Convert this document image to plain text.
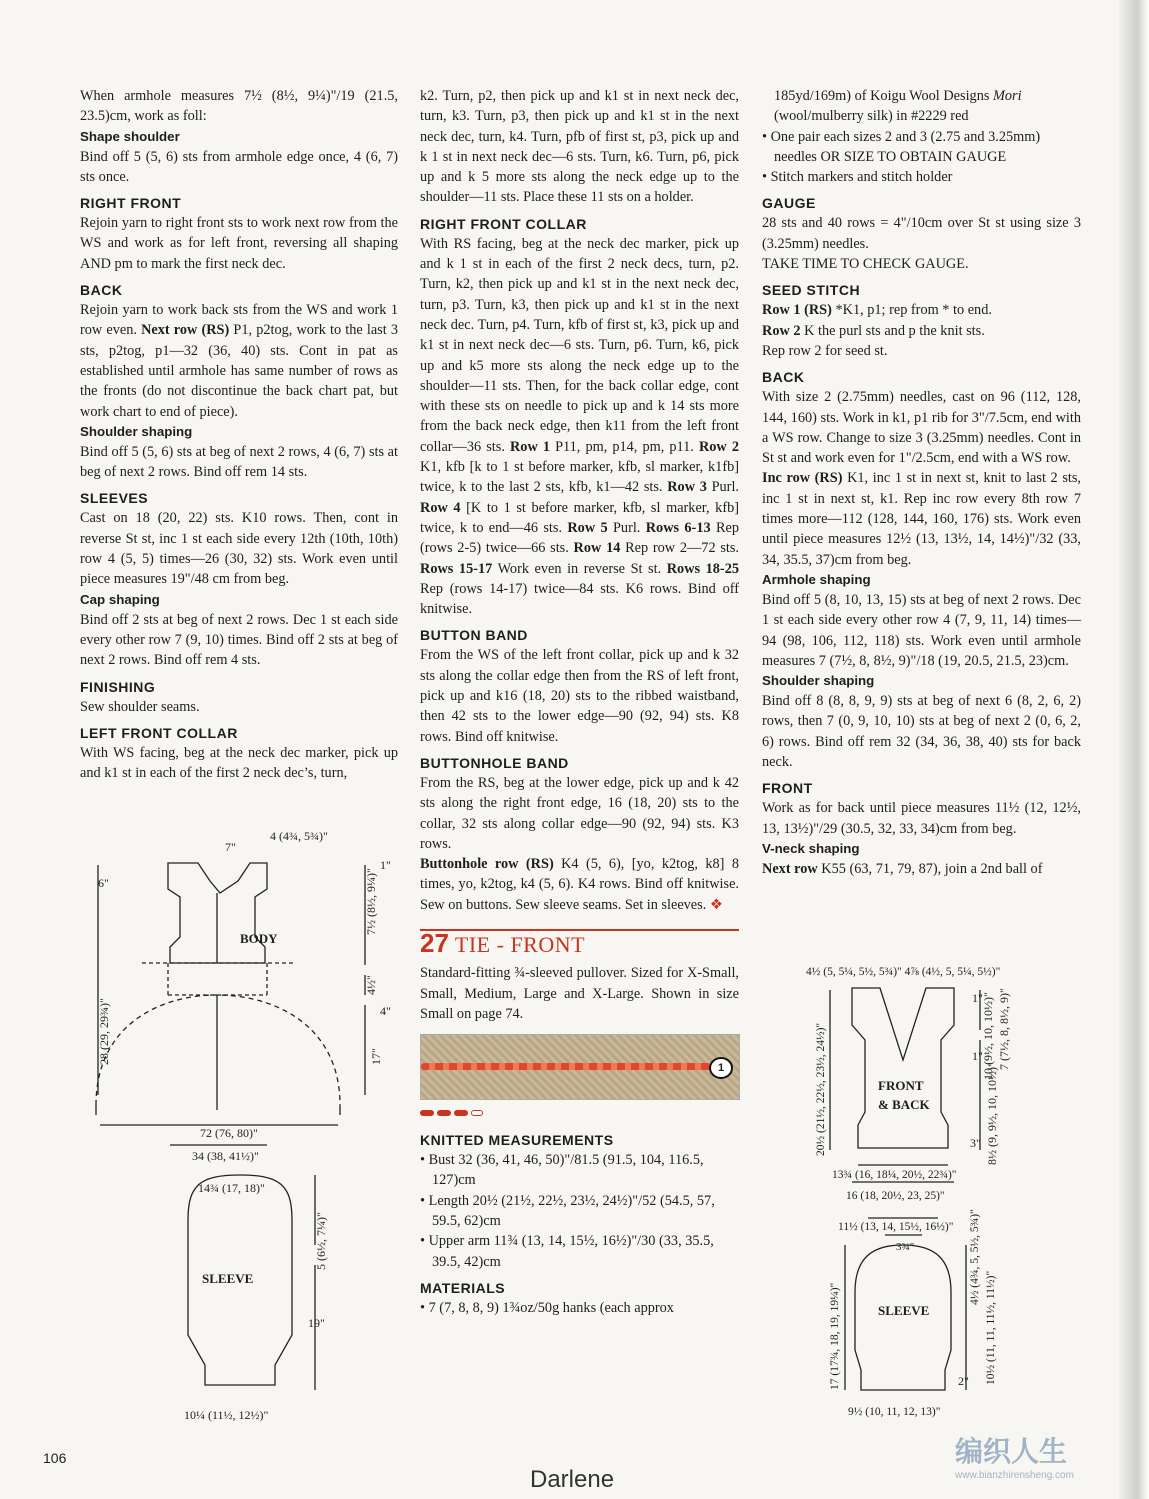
When armhole measures 7½ (8½, 9¼)"/19 (21.5, 23.5)cm, work as foll:

Shape shoulder

Bind off 5 (5, 6) sts from armhole edge once, 4 (6, 7) sts once.

RIGHT FRONT

Rejoin yarn to right front sts to work next row from the WS and work as for left front, reversing all shaping AND pm to mark the first neck dec.

BACK

Rejoin yarn to work back sts from the WS and work 1 row even. Next row (RS) P1, p2tog, work to the last 3 sts, p2tog, p1—32 (36, 40) sts. Cont in pat as established until armhole has same number of rows as the fronts (do not discontinue the back chart pat, but work chart to end of piece).

Shoulder shaping

Bind off 5 (5, 6) sts at beg of next 2 rows, 4 (6, 7) sts at beg of next 2 rows. Bind off rem 14 sts.

SLEEVES

Cast on 18 (20, 22) sts. K10 rows. Then, cont in reverse St st, inc 1 st each side every 12th (10th, 10th) row 4 (5, 5) times—26 (30, 32) sts. Work even until piece measures 19"/48 cm from beg.

Cap shaping

Bind off 2 sts at beg of next 2 rows. Dec 1 st each side every other row 7 (9, 10) times. Bind off 2 sts at beg of next 2 rows. Bind off rem 4 sts.

FINISHING

Sew shoulder seams.

LEFT FRONT COLLAR

With WS facing, beg at the neck dec marker, pick up and k1 st in each of the first 2 neck dec’s, turn,

k2. Turn, p2, then pick up and k1 st in next neck dec, turn, k3. Turn, p3, then pick up and k1 st in the next neck dec, turn, k4. Turn, pfb of first st, p3, pick up and k 1 st in next neck dec—6 sts. Turn, k6. Turn, p6, pick up and k 5 more sts along the neck edge up to the shoulder—11 sts. Place these 11 sts on a holder.

RIGHT FRONT COLLAR

With RS facing, beg at the neck dec marker, pick up and k 1 st in each of the first 2 neck decs, turn, p2. Turn, k2, then pick up and k1 st in the next neck dec, turn, p3. Turn, k3, then pick up and k1 st in the next neck dec. Turn, p4. Turn, kfb of first st, k3, pick up and k1 st in next neck dec—6 sts. Turn, p6. Turn, k6, pick up and k5 more sts along the neck edge up to the shoulder—11 sts. Then, for the back collar edge, cont with these sts on needle to pick up and k 14 sts more from the back neck edge, then k11 from the left front collar—36 sts. Row 1 P11, pm, p14, pm, p11. Row 2 K1, kfb [k to 1 st before marker, kfb, sl marker, k1fb] twice, k to the last 2 sts, kfb, k1—42 sts. Row 3 Purl. Row 4 [K to 1 st before marker, kfb, sl marker, kfb] twice, k to end—46 sts. Row 5 Purl. Rows 6-13 Rep (rows 2-5) twice—66 sts. Row 14 Rep row 2—72 sts. Rows 15-17 Work even in reverse St st. Rows 18-25 Rep (rows 14-17) twice—84 sts. K6 rows. Bind off knitwise.

BUTTON BAND

From the WS of the left front collar, pick up and k 32 sts along the collar edge then from the RS of left front, pick up and k16 (18, 20) sts to the ribbed waistband, then 42 sts to the lower edge—90 (92, 94) sts. K8 rows. Bind off knitwise.

BUTTONHOLE BAND

From the RS, beg at the lower edge, pick up and k 42 sts along the right front edge, 16 (18, 20) sts to the collar, 32 sts along collar edge—90 (92, 94) sts. K3 rows.

Buttonhole row (RS) K4 (5, 6), [yo, k2tog, k8] 8 times, yo, k2tog, k4 (5, 6). K4 rows. Bind off knitwise. Sew on buttons. Sew sleeve seams. Set in sleeves. ❖

27 TIE - FRONT

Standard-fitting ¾-sleeved pullover. Sized for X-Small, Small, Medium, Large and X-Large. Shown in size Small on page 74.

1
KNITTED MEASUREMENTS

• Bust 32 (36, 41, 46, 50)"/81.5 (91.5, 104, 116.5, 127)cm

• Length 20½ (21½, 22½, 23½, 24½)"/52 (54.5, 57, 59.5, 62)cm

• Upper arm 11¾ (13, 14, 15½, 16½)"/30 (33, 35.5, 39.5, 42)cm

MATERIALS

• 7 (7, 8, 8, 9) 1¾oz/50g hanks (each approx

185yd/169m) of Koigu Wool Designs Mori (wool/mulberry silk) in #2229 red

• One pair each sizes 2 and 3 (2.75 and 3.25mm) needles OR SIZE TO OBTAIN GAUGE

• Stitch markers and stitch holder

GAUGE

28 sts and 40 rows = 4"/10cm over St st using size 3 (3.25mm) needles.

TAKE TIME TO CHECK GAUGE.

SEED STITCH

Row 1 (RS) *K1, p1; rep from * to end.

Row 2 K the purl sts and p the knit sts.

Rep row 2 for seed st.

BACK

With size 2 (2.75mm) needles, cast on 96 (112, 128, 144, 160) sts. Work in k1, p1 rib for 3"/7.5cm, end with a WS row. Change to size 3 (3.25mm) needles. Cont in St st and work even for 1"/2.5cm, end with a WS row.

Inc row (RS) K1, inc 1 st in next st, knit to last 2 sts, inc 1 st in next st, k1. Rep inc row every 8th row 7 times more—112 (128, 144, 160, 176) sts. Work even until piece measures 12½ (13, 13½, 14, 14½)"/32 (33, 34, 35.5, 37)cm from beg.

Armhole shaping

Bind off 5 (8, 10, 13, 15) sts at beg of next 2 rows. Dec 1 st each side every other row 4 (7, 9, 11, 14) times—94 (98, 106, 112, 118) sts. Work even until armhole measures 7 (7½, 8, 8½, 9)"/18 (19, 20.5, 21.5, 23)cm.

Shoulder shaping

Bind off 8 (8, 8, 9, 9) sts at beg of next 6 (8, 2, 6, 2) rows, then 7 (0, 9, 10, 10) sts at beg of next 2 (0, 6, 2, 6) rows. Bind off rem 32 (34, 36, 38, 40) sts for back neck.

FRONT

Work as for back until piece measures 11½ (12, 12½, 13, 13½)"/29 (30.5, 32, 33, 34)cm from beg.

V-neck shaping

Next row K55 (63, 71, 79, 87), join a 2nd ball of

BODY
7"
4 (4¾, 5¾)"
6"
1"
7½ (8½, 9¼)"
4½"
4"
28 (29, 29¾)"	17"
72 (76, 80)"
34 (38, 41½)"
SLEEVE
14¾ (17, 18)"
5 (6½, 7¼)"
19"
10¼ (11½, 12½)"
FRONT
& BACK
4½ (5, 5¼, 5½, 5¾)" 4⅞ (4½, 5, 5¼, 5½)"
1"
1" 7 (7½, 8, 8½, 9)"
10 (9½, 10, 10½)"
20½ (21½, 22½, 23½, 24½)"	8½ (9, 9½, 10, 10½)"
3"
13¾ (16, 18¼, 20½, 22¾)"
16 (18, 20½, 23, 25)"
SLEEVE
11½ (13, 14, 15½, 16½)"
3¾"
17 (17¾, 18, 19, 19¼)"
4½ (4¾, 5, 5½, 5¾)"
10½ (11, 11, 11½, 11½)"
2"
9½ (10, 11, 12, 13)"
106
Darlene
编织人生
www.bianzhirensheng.com
